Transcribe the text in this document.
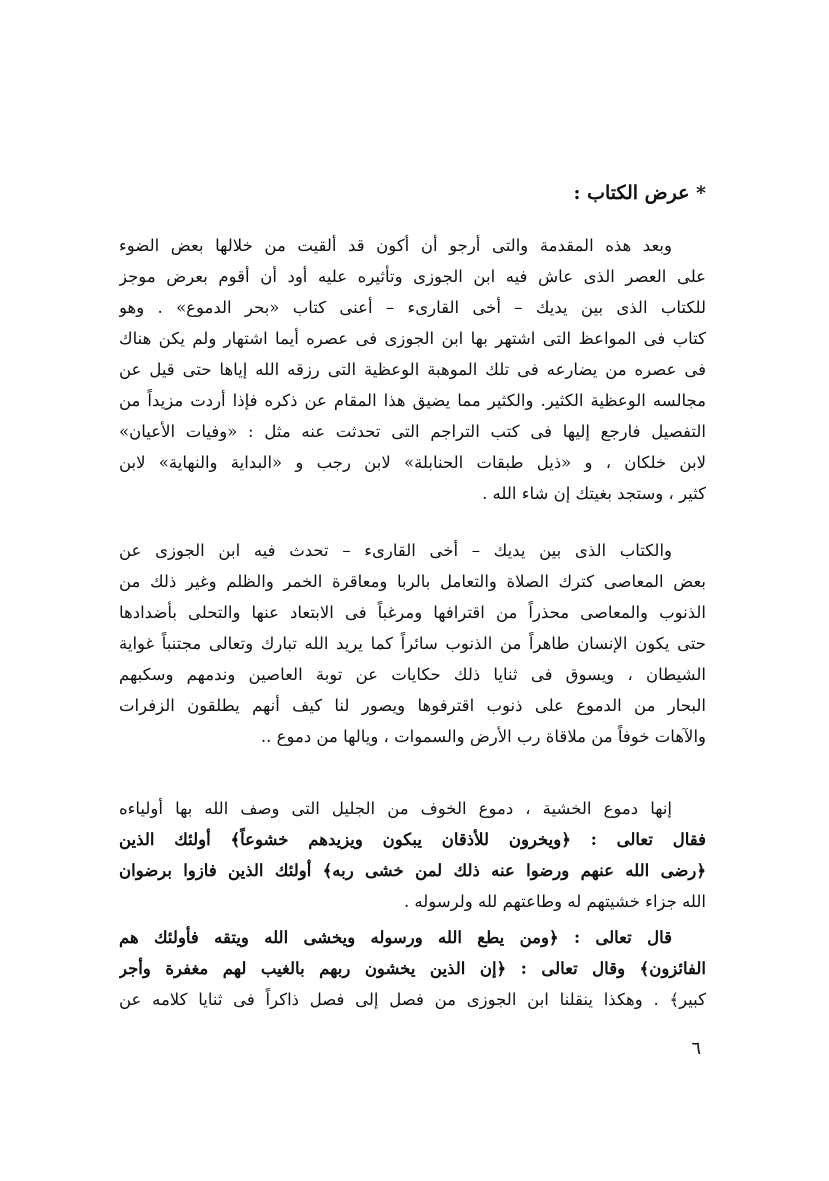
* عرض الكتاب :
وبعد هذه المقدمة والتى أرجو أن أكون قد ألقيت من خلالها بعض الضوء
على العصر الذى عاش فيه ابن الجوزى وتأثيره عليه أود أن أقوم بعرض موجز
للكتاب الذى بين يديك – أخى القارىء – أعنى كتاب «بحر الدموع» . وهو
كتاب فى المواعظ التى اشتهر بها ابن الجوزى فى عصره أيما اشتهار ولم يكن هناك
فى عصره من يضارعه فى تلك الموهبة الوعظية التى رزقه الله إياها حتى قيل عن
مجالسه الوعظية الكثير. والكثير مما يضيق هذا المقام عن ذكره فإذا أردت مزيداً من
التفصيل فارجع إليها فى كتب التراجم التى تحدثت عنه مثل : «وفيات الأعيان»
لابن خلكان ، و «ذيل طبقات الحنابلة» لابن رجب و «البداية والنهاية» لابن
كثير ، وستجد بغيتك إن شاء الله .
والكتاب الذى بين يديك – أخى القارىء – تحدث فيه ابن الجوزى عن
بعض المعاصى كترك الصلاة والتعامل بالربا ومعاقرة الخمر والظلم وغير ذلك من
الذنوب والمعاصى محذراً من اقترافها ومرغباً فى الابتعاد عنها والتحلى بأضدادها
حتى يكون الإنسان طاهراً من الذنوب سائراً كما يريد الله تبارك وتعالى مجتنباً غواية
الشيطان ، ويسوق فى ثنايا ذلك حكايات عن توبة العاصين وندمهم وسكبهم
البحار من الدموع على ذنوب اقترفوها ويصور لنا كيف أنهم يطلقون الزفرات
والآهات خوفاً من ملاقاة رب الأرض والسموات ، ويالها من دموع ..
إنها دموع الخشية ، دموع الخوف من الجليل التى وصف الله بها أولياءه
فقال تعالى : ﴿ويخرون للأذقان يبكون ويزيدهم خشوعاً﴾ أولئك الذين
﴿رضى الله عنهم ورضوا عنه ذلك لمن خشى ربه﴾ أولئك الذين فازوا برضوان
الله جزاء خشيتهم له وطاعتهم لله ولرسوله .
قال تعالى : ﴿ومن يطع الله ورسوله ويخشى الله ويتقه فأولئك هم
الفائزون﴾ وقال تعالى : ﴿إن الذين يخشون ربهم بالغيب لهم مغفرة وأجر
كبير﴾ . وهكذا ينقلنا ابن الجوزى من فصل إلى فصل ذاكراً فى ثنايا كلامه عن
٦
